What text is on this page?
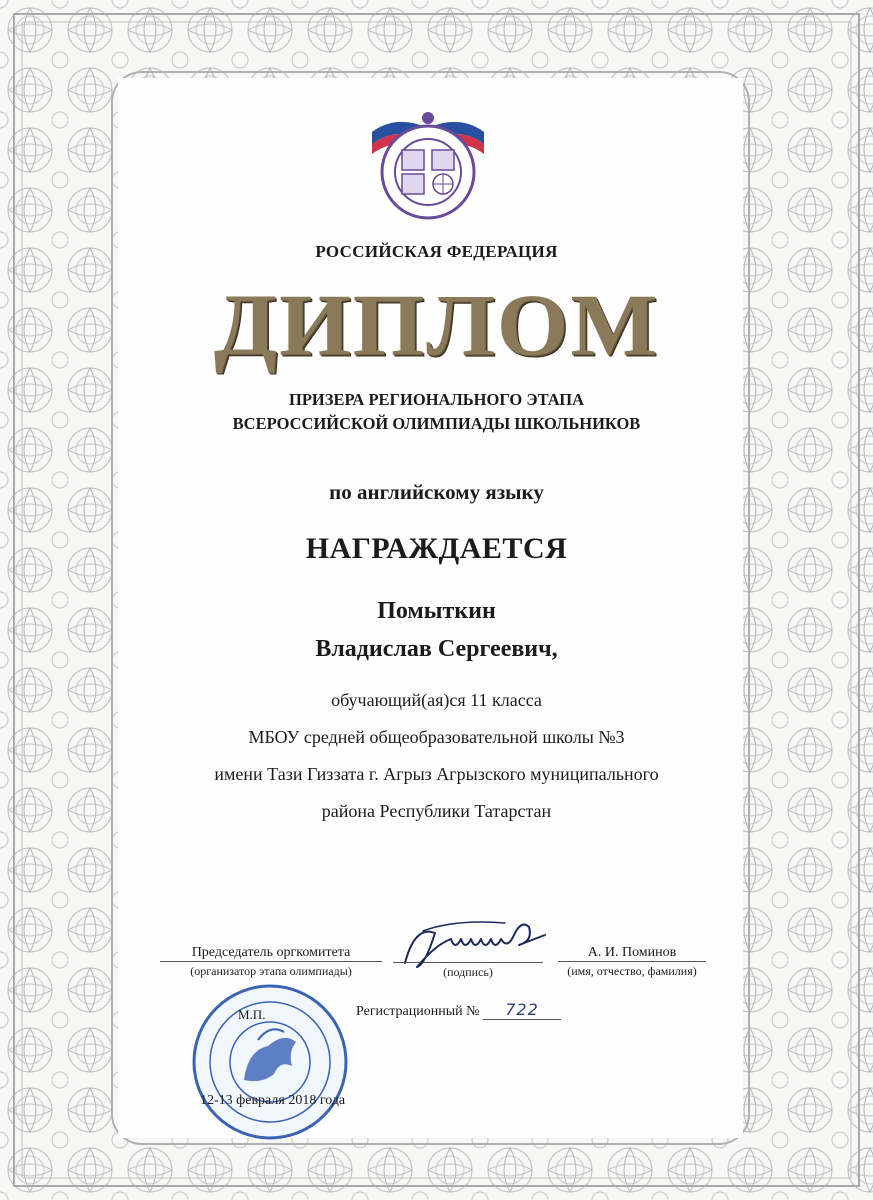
РОССИЙСКАЯ ФЕДЕРАЦИЯ
ДИПЛОМ
ПРИЗЕРА РЕГИОНАЛЬНОГО ЭТАПА
ВСЕРОССИЙСКОЙ ОЛИМПИАДЫ ШКОЛЬНИКОВ
по английскому языку
НАГРАЖДАЕТСЯ
Помыткин
Владислав Сергеевич,
обучающий(ая)ся 11 класса
МБОУ средней общеобразовательной школы №3
имени Тази Гиззата г. Агрыз Агрызского муниципального
района Республики Татарстан
Председатель оргкомитета
(организатор этапа олимпиады)	(подпись)
А. И. Поминов
(имя, отчество, фамилия)
М.П.	Регистрационный № 722
12-13 февраля 2018 года
